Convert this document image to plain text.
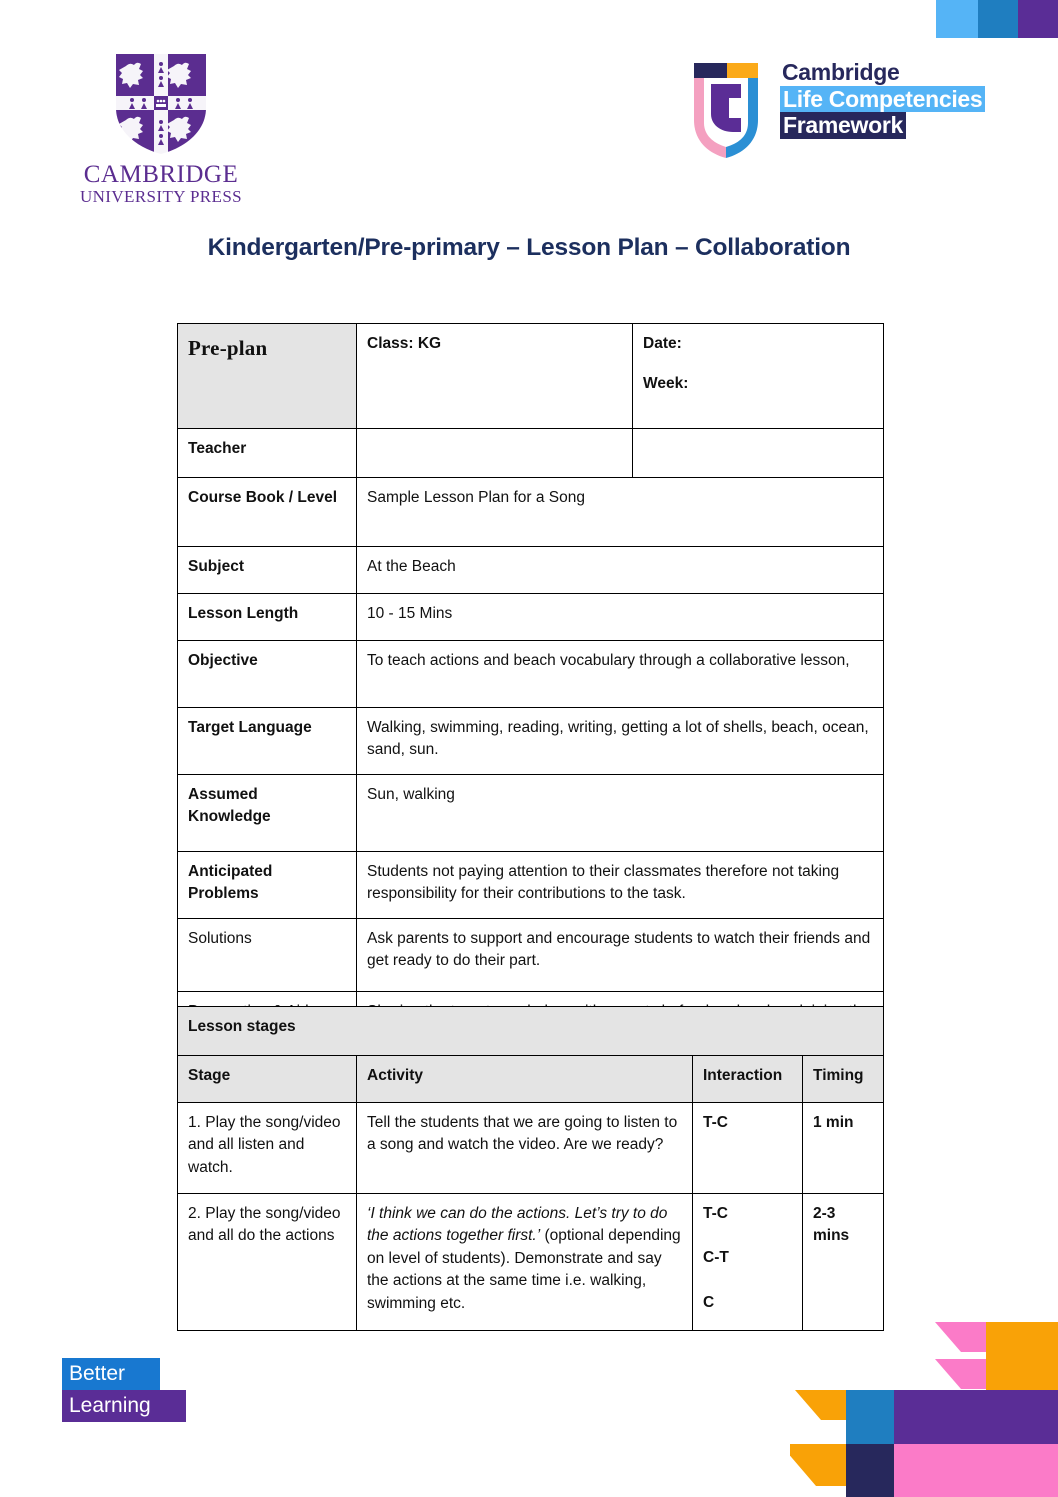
CAMBRIDGE
UNIVERSITY PRESS
Cambridge
Life Competencies
Framework
Kindergarten/Pre-primary – Lesson Plan – Collaboration
Pre-plan	Class: KG	Date:
Week:

Teacher		
Course Book / Level	Sample Lesson Plan for a Song	
Subject	At the Beach	
Lesson Length	10 - 15 Mins	
Objective	To teach actions and beach vocabulary through a collaborative lesson,	
Target Language	Walking, swimming, reading, writing, getting a lot of shells, beach, ocean, sand, sun.	
Assumed
Knowledge	Sun, walking	
Anticipated
Problems	Students not paying attention to their classmates therefore not taking responsibility for their contributions to the task.	
Solutions	Ask parents to support and encourage students to watch their friends and get ready to do their part.	

Lesson stages			
Stage	Activity	Interaction	Timing
1. Play the song/video and all listen and watch.	Tell the students that we are going to listen to a song and watch the video. Are we ready?	T-C	1 min
2. Play the song/video and all do the actions	‘I think we can do the actions. Let’s try to do the actions together first.’ (optional depending on level of students). Demonstrate and say the actions at the same time i.e. walking, swimming etc.	T-C
C-T
C	2-3 mins
Better
Learning
